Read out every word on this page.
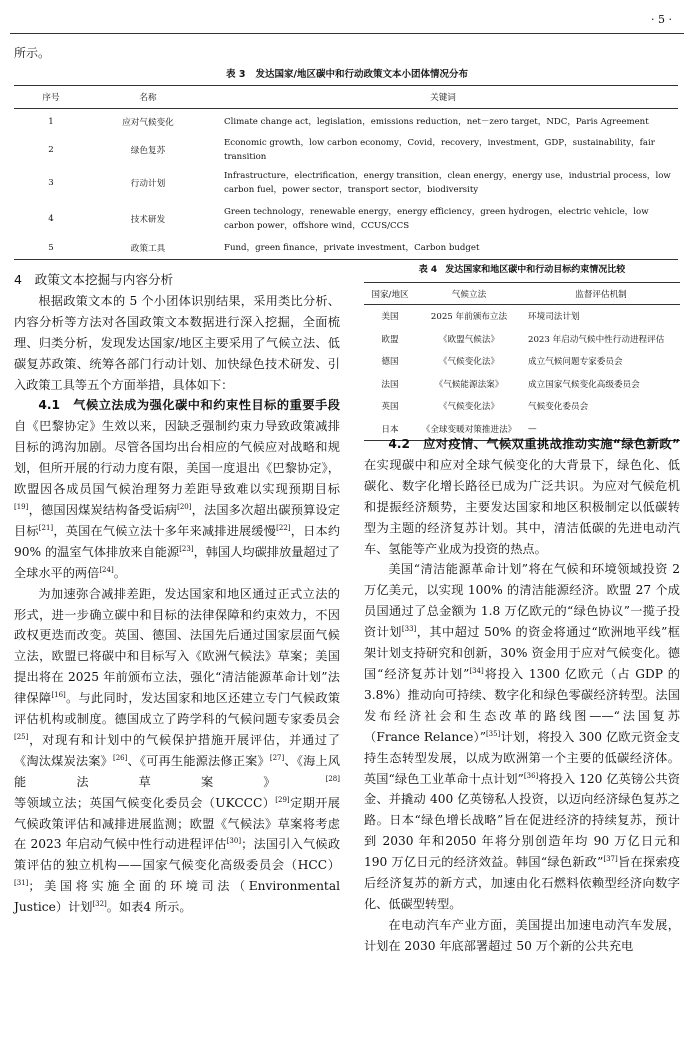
· 5 ·
所示。
表 3 发达国家/地区碳中和行动政策文本小团体情况分布
序号	名称	关键词
1	应对气候变化	Climate change act，legislation，emissions reduction，net－zero target，NDC，Paris Agreement
2	绿色复苏	Economic growth，low carbon economy，Covid，recovery，investment，GDP，sustainability，fair transition
3	行动计划	Infrastructure，electrification，energy transition，clean energy，energy use，industrial process，low carbon fuel，power sector，transport sector，biodiversity
4	技术研发	Green technology，renewable energy，energy efficiency，green hydrogen，electric vehicle，low carbon power，offshore wind，CCUS/CCS
5	政策工具	Fund，green finance，private investment，Carbon budget

4　政策文本挖掘与内容分析

根据政策文本的 5 个小团体识别结果，采用类比分析、内容分析等方法对各国政策文本数据进行深入挖掘，全面梳理、归类分析，发现发达国家/地区主要采用了气候立法、低碳复苏政策、统筹各部门行动计划、加快绿色技术研发、引入政策工具等五个方面举措，具体如下：

4.1　气候立法成为强化碳中和约束性目标的重要手段　自《巴黎协定》生效以来，因缺乏强制约束力导致政策减排目标的鸿沟加剧。尽管各国均出台相应的气候应对战略和规划，但所开展的行动力度有限，美国一度退出《巴黎协定》，欧盟因各成员国气候治理努力差距导致难以实现预期目标[19]，德国因煤炭结构备受诟病[20]，法国多次超出碳预算设定目标[21]，英国在气候立法十多年来减排进展缓慢[22]，日本约 90% 的温室气体排放来自能源[23]，韩国人均碳排放量超过了全球水平的两倍[24]。

为加速弥合减排差距，发达国家和地区通过正式立法的形式，进一步确立碳中和目标的法律保障和约束效力，不因政权更迭而改变。英国、德国、法国先后通过国家层面气候立法，欧盟已将碳中和目标写入《欧洲气候法》草案；美国提出将在 2025 年前颁布立法，强化“清洁能源革命计划”法律保障[16]。与此同时，发达国家和地区还建立专门气候政策评估机构或制度。德国成立了跨学科的气候问题专家委员会[25]，对现有和计划中的气候保护措施开展评估，并通过了《淘汰煤炭法案》[26]、《可再生能源法修正案》[27]、《海上风能法草案》[28]等领域立法；英国气候变化委员会（UKCCC）[29]定期开展气候政策评估和减排进展监测；欧盟《气候法》草案将考虑在 2023 年启动气候中性行动进程评估[30]；法国引入气候政策评估的独立机构——国家气候变化高级委员会（HCC）[31]；美国将实施全面的环境司法（Environmental Justice）计划[32]。如表4 所示。

表 4 发达国家和地区碳中和行动目标约束情况比较
国家/地区	气候立法	监督评估机制
美国	2025 年前颁布立法	环境司法计划
欧盟	《欧盟气候法》	2023 年启动气候中性行动进程评估
德国	《气候变化法》	成立气候问题专家委员会
法国	《气候能源法案》	成立国家气候变化高级委员会
英国	《气候变化法》	气候变化委员会
日本	《全球变暖对策推进法》	—

4.2　应对疫情、气候双重挑战推动实施“绿色新政”　在实现碳中和应对全球气候变化的大背景下，绿色化、低碳化、数字化增长路径已成为广泛共识。为应对气候危机和提振经济颓势，主要发达国家和地区积极制定以低碳转型为主题的经济复苏计划。其中，清洁低碳的先进电动汽车、氢能等产业成为投资的热点。

美国“清洁能源革命计划”将在气候和环境领域投资 2 万亿美元，以实现 100% 的清洁能源经济。欧盟 27 个成员国通过了总金额为 1.8 万亿欧元的“绿色协议”一揽子投资计划[33]，其中超过 50% 的资金将通过“欧洲地平线”框架计划支持研究和创新，30% 资金用于应对气候变化。德国“经济复苏计划”[34]将投入 1300 亿欧元（占 GDP 的 3.8%）推动向可持续、数字化和绿色零碳经济转型。法国发布经济社会和生态改革的路线图——“法国复苏（France Relance）”[35]计划，将投入 300 亿欧元资金支持生态转型发展，以成为欧洲第一个主要的低碳经济体。英国“绿色工业革命十点计划”[36]将投入 120 亿英镑公共资金、并撬动 400 亿英镑私人投资，以迈向经济绿色复苏之路。日本“绿色增长战略”旨在促进经济的持续复苏，预计到 2030 年和2050 年将分别创造年均 90 万亿日元和 190 万亿日元的经济效益。韩国“绿色新政”[37]旨在探索疫后经济复苏的新方式，加速由化石燃料依赖型经济向数字化、低碳型转型。

在电动汽车产业方面，美国提出加速电动汽车发展，计划在 2030 年底部署超过 50 万个新的公共充电
